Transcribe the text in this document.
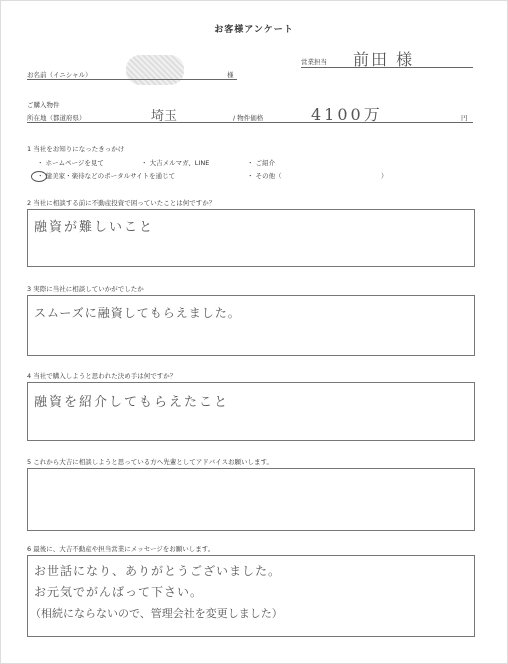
お客様アンケート
営業担当 前田 様
お名前（イニシャル）	様
ご購入物件
所在地（都道府県）	埼玉	/ 物件価格	4100万	円
1 当社をお知りになったきっかけ
・ ホームページを見て	・ 大吉メルマガ、LINE	・ ご紹介
・ 健美家・楽待などのポータルサイトを通じて	・ その他（	）
2 当社に相談する前に不動産投資で困っていたことは何ですか？
融資が難しいこと
3 実際に当社に相談していかがでしたか
スムーズに融資してもらえました。
4 当社で購入しようと思われた決め手は何ですか？
融資を紹介してもらえたこと
5 これから大吉に相談しようと思っている方へ先輩としてアドバイスお願いします。
6 最後に、大吉不動産や担当営業にメッセージをお願いします。
お世話になり、ありがとうございました。
お元気でがんばって下さい。
（相続にならないので、管理会社を変更しました）
